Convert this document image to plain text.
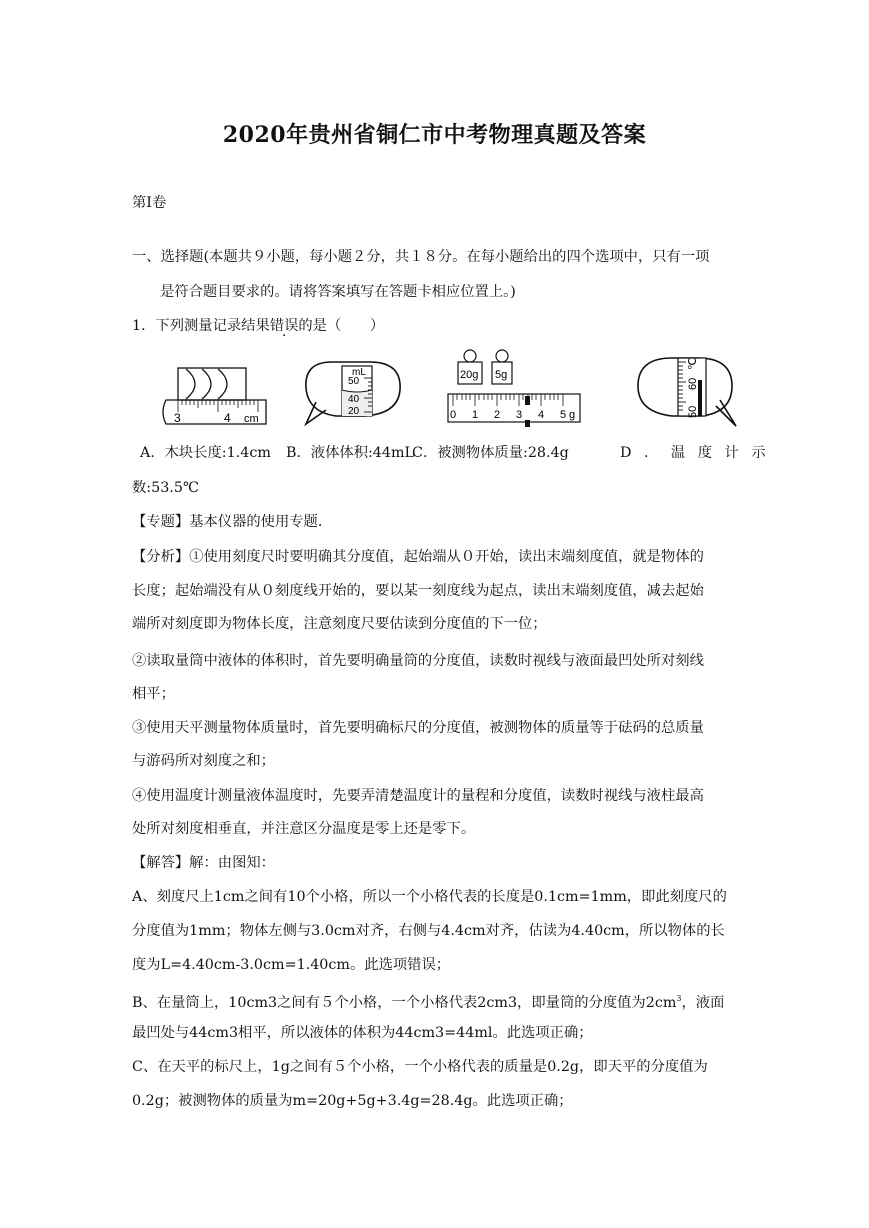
2020年贵州省铜仁市中考物理真题及答案
第Ⅰ卷
一、选择题(本题共９小题，每小题２分，共１８分。在每小题给出的四个选项中，只有一项
是符合题目要求的。请将答案填写在答题卡相应位置上。)
1．下列测量记录结果错误的是（　　）
3	4 cm
mL
50
40
20
20g 5g
0 1 2 3 4 5 g
℃
60
50
A．木块长度:1.4cm B．液体体积:44mL
C．被测物体质量:28.4g	D ． 温 度 计 示
数:53.5℃
【专题】基本仪器的使用专题．
【分析】①使用刻度尺时要明确其分度值，起始端从０开始，读出末端刻度值，就是物体的
长度；起始端没有从０刻度线开始的，要以某一刻度线为起点，读出末端刻度值，减去起始
端所对刻度即为物体长度，注意刻度尺要估读到分度值的下一位；
②读取量筒中液体的体积时，首先要明确量筒的分度值，读数时视线与液面最凹处所对刻线
相平；
③使用天平测量物体质量时，首先要明确标尺的分度值，被测物体的质量等于砝码的总质量
与游码所对刻度之和；
④使用温度计测量液体温度时，先要弄清楚温度计的量程和分度值，读数时视线与液柱最高
处所对刻度相垂直，并注意区分温度是零上还是零下。
【解答】解：由图知：
A、刻度尺上1cm之间有10个小格，所以一个小格代表的长度是0.1cm=1mm，即此刻度尺的
分度值为1mm；物体左侧与3.0cm对齐，右侧与4.4cm对齐，估读为4.40cm，所以物体的长
度为L=4.40cm-3.0cm=1.40cm。此选项错误；
B、在量筒上，10cm3之间有５个小格，一个小格代表2cm3，即量筒的分度值为$2cm^3$，液面
最凹处与44cm3相平，所以液体的体积为44cm3=44ml。此选项正确；
C、在天平的标尺上，1g之间有５个小格，一个小格代表的质量是0.2g，即天平的分度值为
0.2g；被测物体的质量为m=20g+5g+3.4g=28.4g。此选项正确；
